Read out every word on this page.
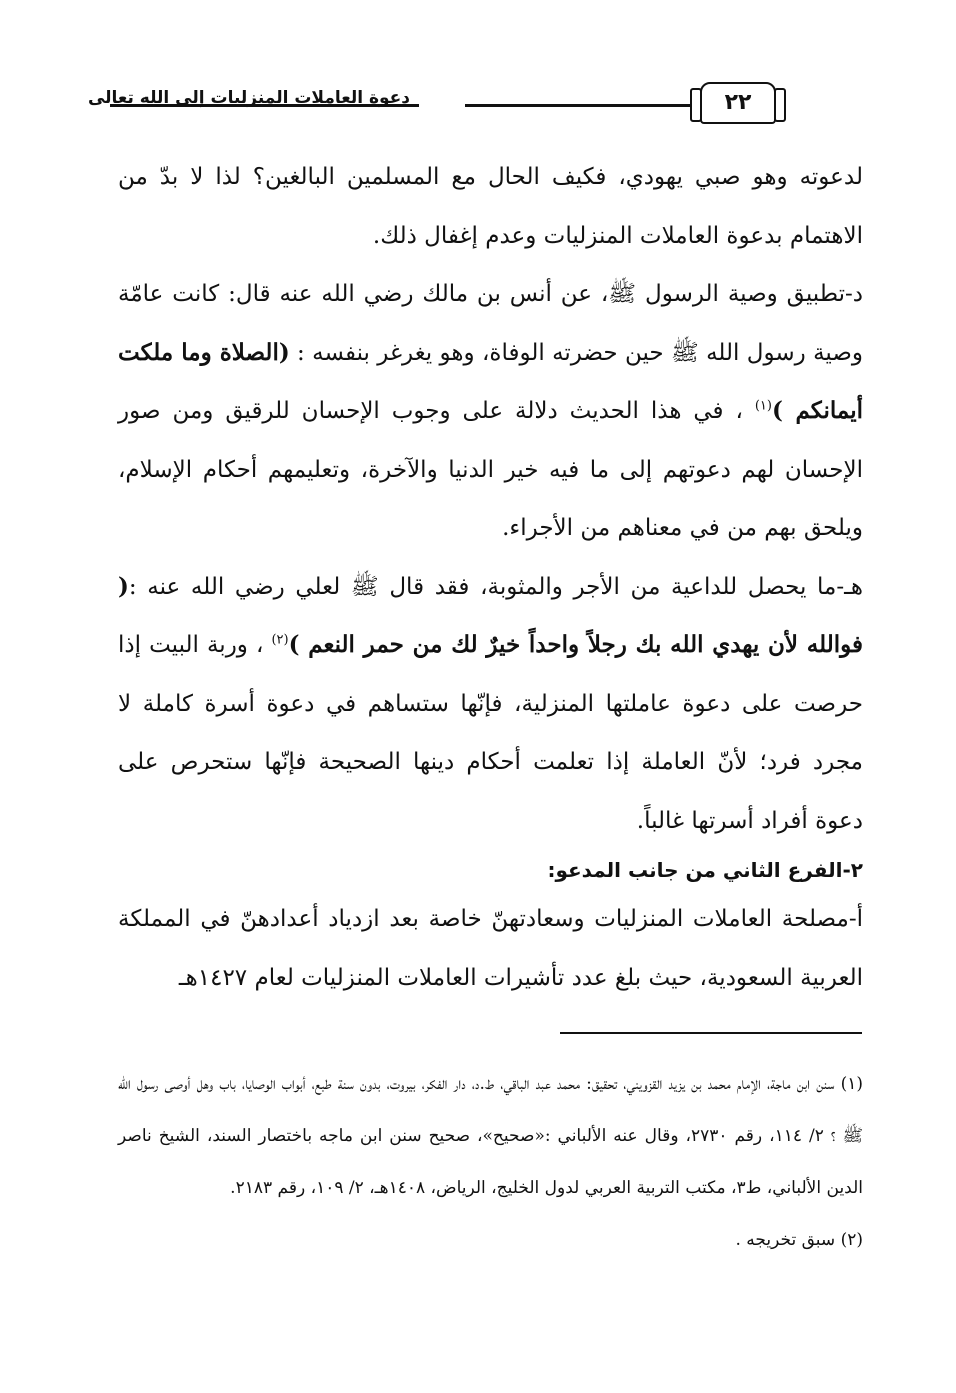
دعوة العاملات المنزليات إلى الله تعالى	٢٢

لدعوته وهو صبي يهودي، فكيف الحال مع المسلمين البالغين؟ لذا لا بدّ من الاهتمام بدعوة العاملات المنزليات وعدم إغفال ذلك.

د-تطبيق وصية الرسول ﷺ، عن أنس بن مالك رضي الله عنه قال: كانت عامّة وصية رسول الله ﷺ حين حضرته الوفاة، وهو يغرغر بنفسه : (الصلاة وما ملكت أيمانكم )$^{(١)}$ ، في هذا الحديث دلالة على وجوب الإحسان للرقيق ومن صور الإحسان لهم دعوتهم إلى ما فيه خير الدنيا والآخرة، وتعليمهم أحكام الإسلام، ويلحق بهم من في معناهم من الأجراء.

هـ-ما يحصل للداعية من الأجر والمثوبة، فقد قال ﷺ لعلي رضي الله عنه :( فوالله لأن يهدي الله بك رجلاً واحداً خيرٌ لك من حمر النعم )$^{(٢)}$ ، وربة البيت إذا حرصت على دعوة عاملتها المنزلية، فإنّها ستساهم في دعوة أسرة كاملة لا مجرد فرد؛ لأنّ العاملة إذا تعلمت أحكام دينها الصحيحة فإنّها ستحرص على دعوة أفراد أسرتها غالباً.

٢-الفرع الثاني من جانب المدعو:

أ-مصلحة العاملات المنزليات وسعادتهنّ خاصة بعد ازدياد أعدادهنّ في المملكة العربية السعودية، حيث بلغ عدد تأشيرات العاملات المنزليات لعام ١٤٢٧هـ

(١) سنن ابن ماجة، الإمام محمد بن يزيد القزويني، تحقيق: محمد عبد الباقي، ط.د، دار الفكر، بيروت، بدون سنة طبع، أبواب الوصايا، باب وهل أوصى رسول الله ﷺ ؟ ٢/ ١١٤، رقم ٢٧٣٠، وقال عنه الألباني :«صحيح»، صحيح سنن ابن ماجه باختصار السند، الشيخ ناصر الدين الألباني، ط٣، مكتب التربية العربي لدول الخليج، الرياض، ١٤٠٨هـ، ٢/ ١٠٩، رقم ٢١٨٣.

(٢) سبق تخريجه .
